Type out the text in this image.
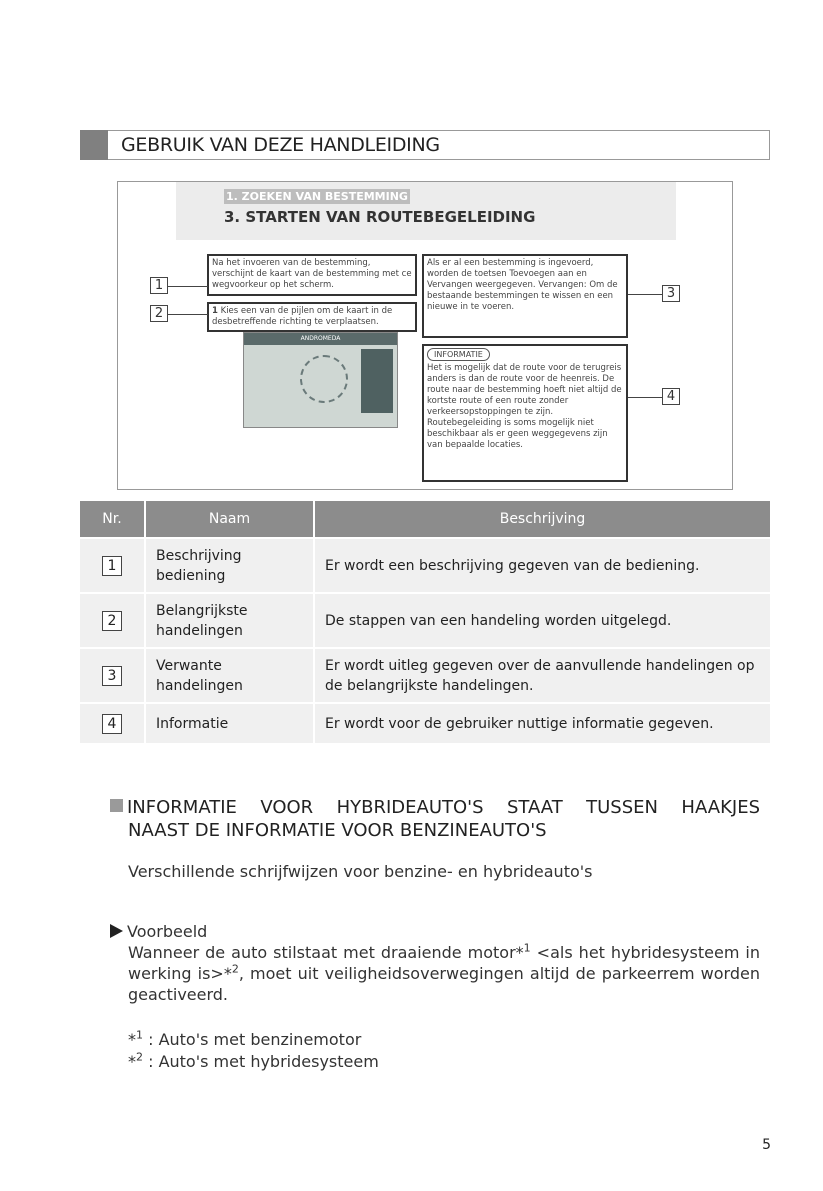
GEBRUIK VAN DEZE HANDLEIDING
1. ZOEKEN VAN BESTEMMING
3. STARTEN VAN ROUTEBEGELEIDING
Na het invoeren van de bestemming, verschijnt de kaart van de bestemming met ce wegvoorkeur op het scherm.
1 Kies een van de pijlen om de kaart in de desbetreffende richting te verplaatsen.
ANDROMEDA
Als er al een bestemming is ingevoerd, worden de toetsen Toevoegen aan en Vervangen weergegeven. Vervangen: Om de bestaande bestemmingen te wissen en een nieuwe in te voeren.
INFORMATIE
Het is mogelijk dat de route voor de terugreis anders is dan de route voor de heenreis. De route naar de bestemming hoeft niet altijd de kortste route of een route zonder verkeersopstoppingen te zijn. Routebegeleiding is soms mogelijk niet beschikbaar als er geen weggegevens zijn van bepaalde locaties.
1
2
3
4
Nr.	Naam	Beschrijving
1	Beschrijving bediening	Er wordt een beschrijving gegeven van de bediening.
2	Belangrijkste handelingen	De stappen van een handeling worden uitgelegd.
3	Verwante handelingen	Er wordt uitleg gegeven over de aanvullende handelingen op de belangrijkste handelingen.
4	Informatie	Er wordt voor de gebruiker nuttige informatie gegeven.
INFORMATIE VOOR HYBRIDEAUTO'S STAAT TUSSEN HAAKJES
NAAST DE INFORMATIE VOOR BENZINEAUTO'S
Verschillende schrijfwijzen voor benzine- en hybrideauto's
Voorbeeld
Wanneer de auto stilstaat met draaiende motor*$^1$ <als het hybridesysteem in werking is>*$^2$, moet uit veiligheidsoverwegingen altijd de parkeerrem worden geactiveerd.
*$^1$ : Auto's met benzinemotor
*$^2$ : Auto's met hybridesysteem
5
